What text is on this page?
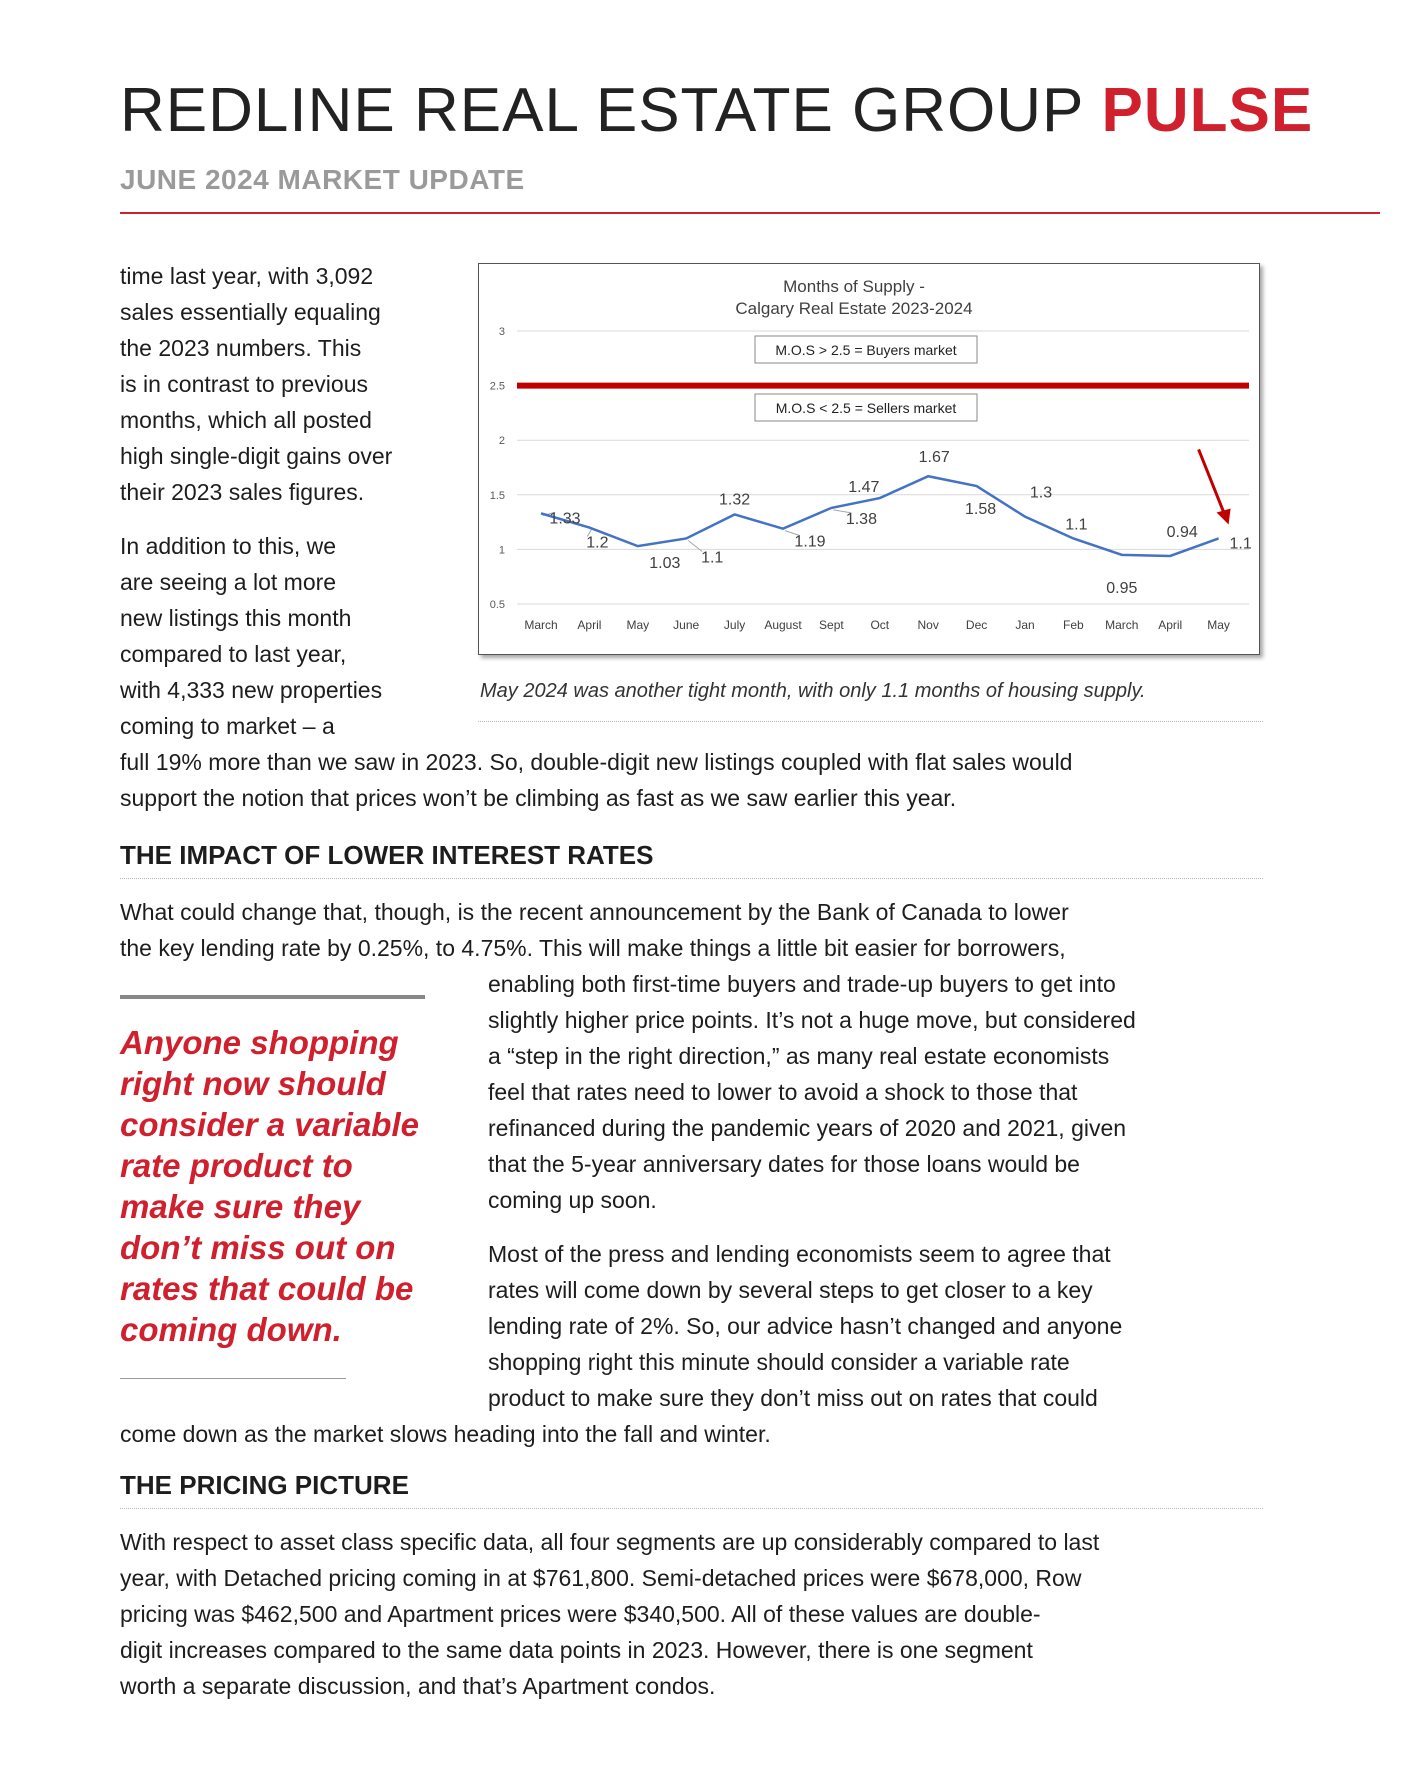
REDLINE REAL ESTATE GROUP PULSE
JUNE 2024 MARKET UPDATE

time last year, with 3,092

sales essentially equaling

the 2023 numbers. This

is in contrast to previous

months, which all posted

high single-digit gains over

their 2023 sales figures.

In addition to this, we

are seeing a lot more

new listings this month

compared to last year,

with 4,333 new properties

coming to market – a

full 19% more than we saw in 2023. So, double-digit new listings coupled with flat sales would

support the notion that prices won’t be climbing as fast as we saw earlier this year.

Months of Supply -
Calgary Real Estate 2023-2024
0.5
1
1.5
2
2.5
3
M.O.S > 2.5 = Buyers market
M.O.S < 2.5 = Sellers market
1.33
1.2
1.03 1.1
1.32
1.19
1.38
1.47
1.67
1.58
1.3
1.1
0.95
0.94
1.1
March April May June July August Sept Oct Nov Dec Jan Feb March April May
May 2024 was another tight month, with only 1.1 months of housing supply.
THE IMPACT OF LOWER INTEREST RATES

What could change that, though, is the recent announcement by the Bank of Canada to lower

the key lending rate by 0.25%, to 4.75%. This will make things a little bit easier for borrowers,

enabling both first-time buyers and trade-up buyers to get into

slightly higher price points. It’s not a huge move, but considered

a “step in the right direction,” as many real estate economists

feel that rates need to lower to avoid a shock to those that

refinanced during the pandemic years of 2020 and 2021, given

that the 5-year anniversary dates for those loans would be

coming up soon.

Most of the press and lending economists seem to agree that

rates will come down by several steps to get closer to a key

lending rate of 2%. So, our advice hasn’t changed and anyone

shopping right this minute should consider a variable rate

product to make sure they don’t miss out on rates that could

come down as the market slows heading into the fall and winter.

Anyone shopping
right now should
consider a variable
rate product to
make sure they
don’t miss out on
rates that could be
coming down.
THE PRICING PICTURE

With respect to asset class specific data, all four segments are up considerably compared to last

year, with Detached pricing coming in at $761,800. Semi-detached prices were $678,000, Row

pricing was $462,500 and Apartment prices were $340,500. All of these values are double-

digit increases compared to the same data points in 2023. However, there is one segment

worth a separate discussion, and that’s Apartment condos.
